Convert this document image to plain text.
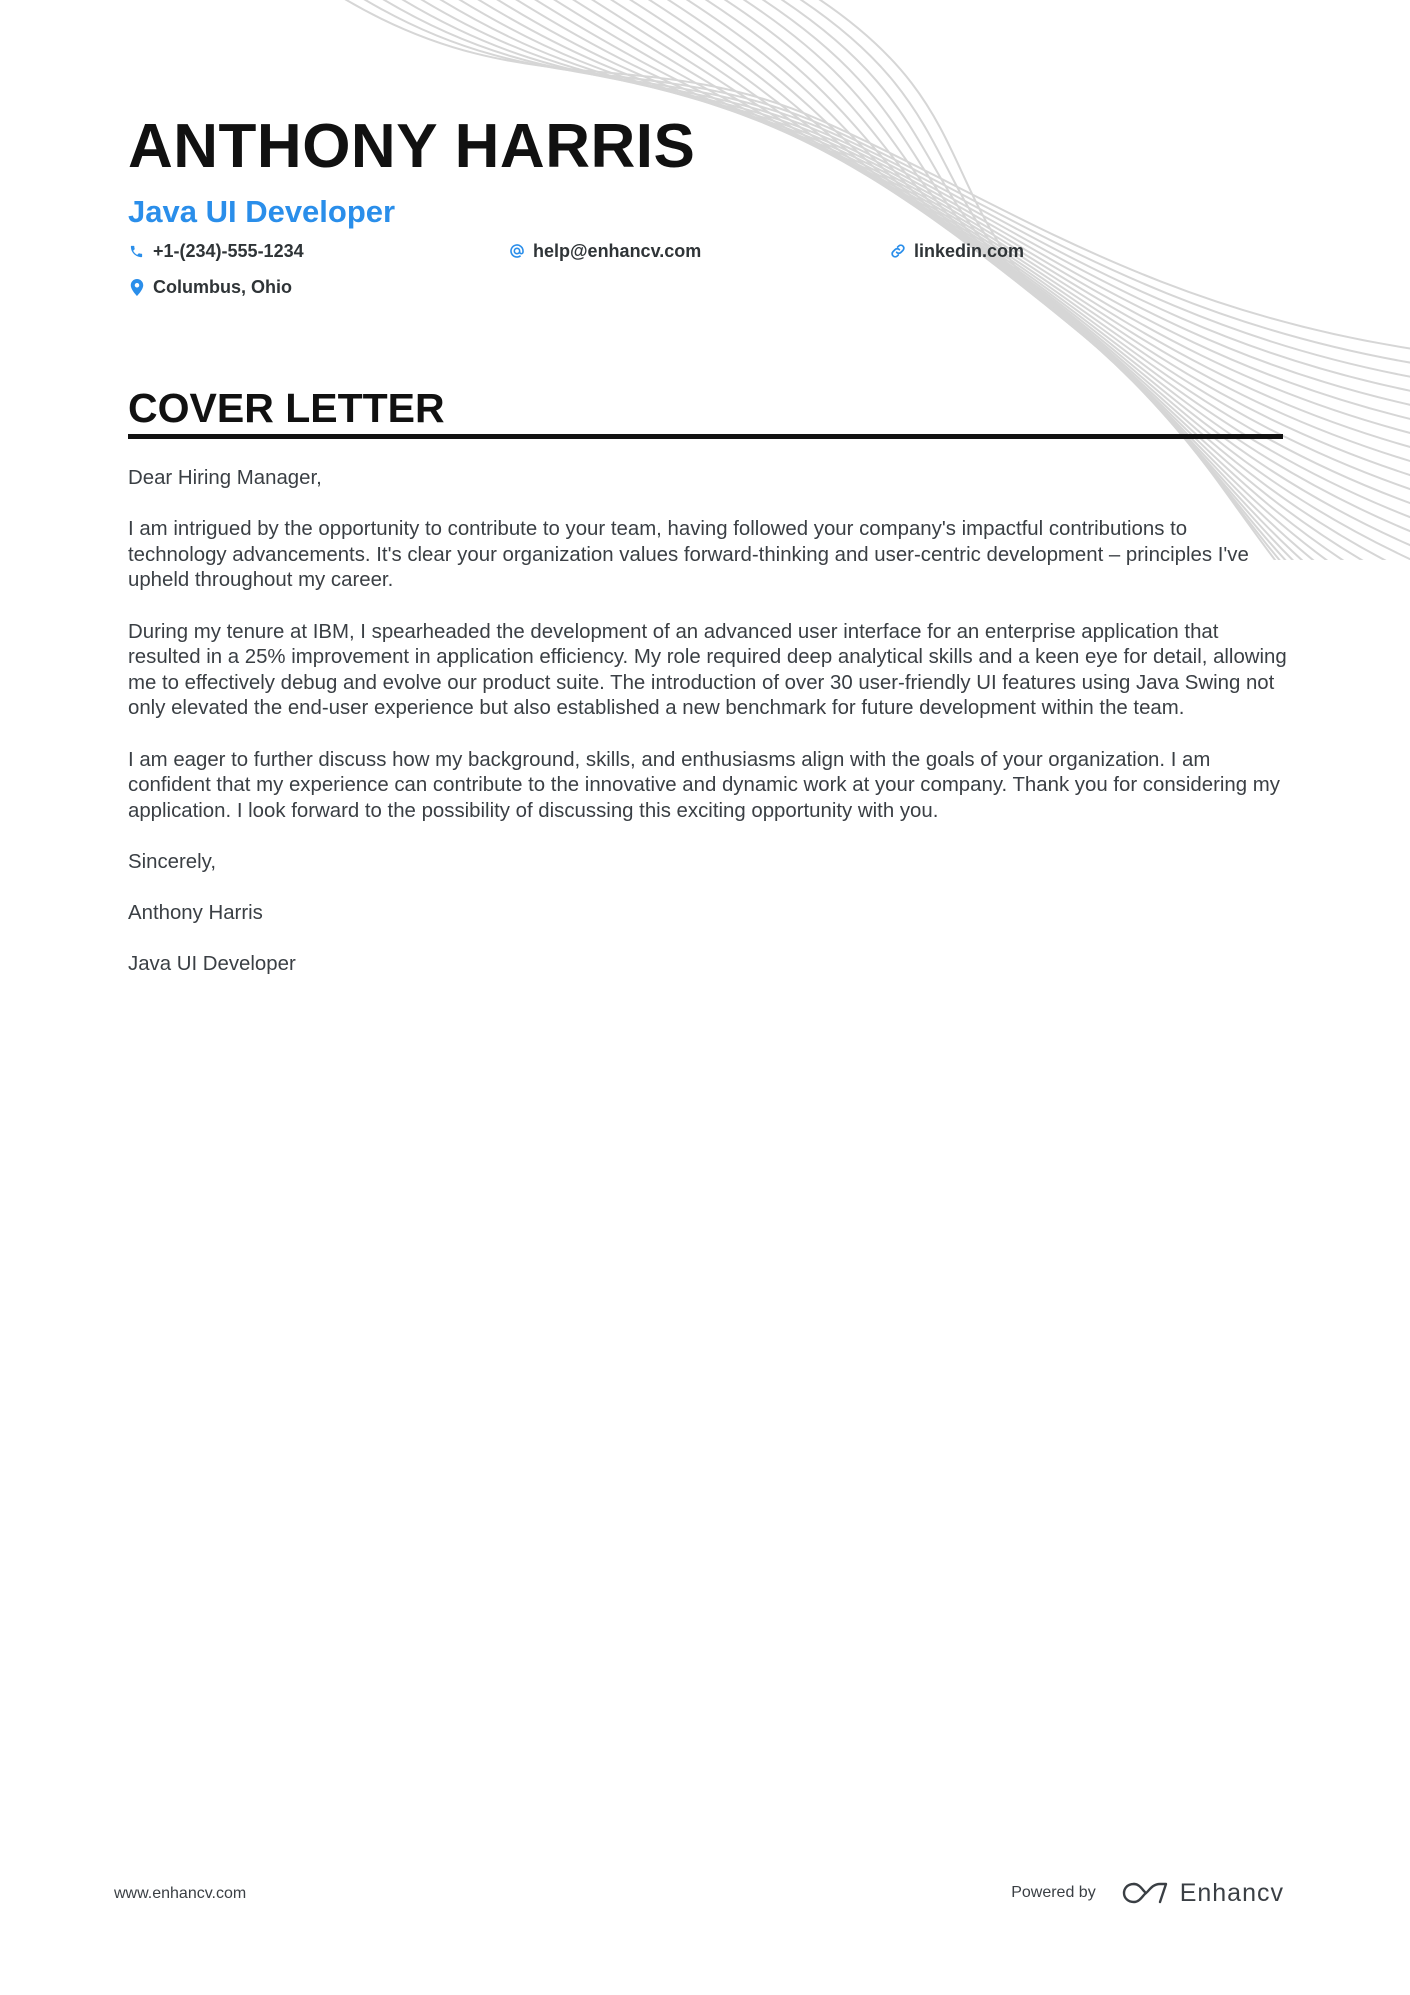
ANTHONY HARRIS
Java UI Developer
+1-(234)-555-1234	help@enhancv.com	linkedin.com
Columbus, Ohio
COVER LETTER

Dear Hiring Manager,

I am intrigued by the opportunity to contribute to your team, having followed your company's impactful contributions to technology advancements. It's clear your organization values forward-thinking and user-centric development – principles I've upheld throughout my career.

During my tenure at IBM, I spearheaded the development of an advanced user interface for an enterprise application that resulted in a 25% improvement in application efficiency. My role required deep analytical skills and a keen eye for detail, allowing me to effectively debug and evolve our product suite. The introduction of over 30 user-friendly UI features using Java Swing not only elevated the end-user experience but also established a new benchmark for future development within the team.

I am eager to further discuss how my background, skills, and enthusiasms align with the goals of your organization. I am confident that my experience can contribute to the innovative and dynamic work at your company. Thank you for considering my application. I look forward to the possibility of discussing this exciting opportunity with you.

Sincerely,

Anthony Harris

Java UI Developer

www.enhancv.com	Powered by	Enhancv
